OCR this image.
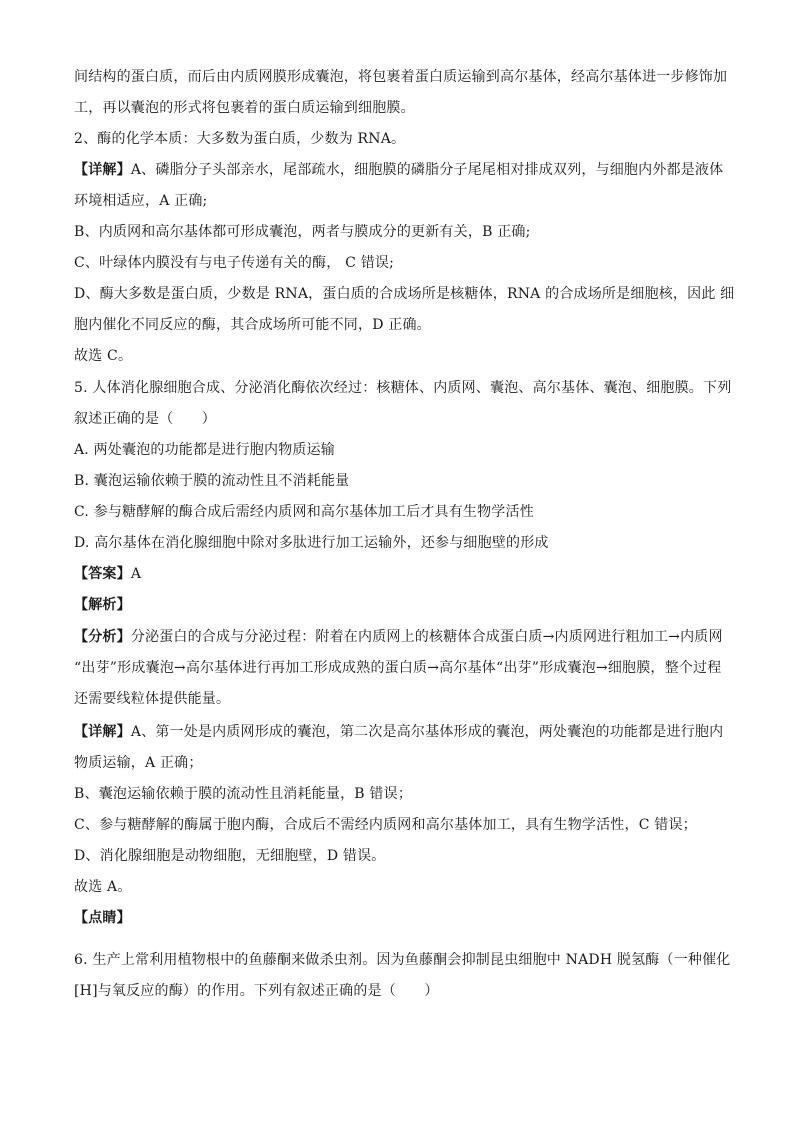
间结构的蛋白质，而后由内质网膜形成囊泡，将包裹着蛋白质运输到高尔基体，经高尔基体进一步修饰加
工，再以囊泡的形式将包裹着的蛋白质运输到细胞膜。
2、酶的化学本质：大多数为蛋白质，少数为 RNA。
【详解】A、磷脂分子头部亲水，尾部疏水，细胞膜的磷脂分子尾尾相对排成双列，与细胞内外都是液体
环境相适应，A 正确;
B、内质网和高尔基体都可形成囊泡，两者与膜成分的更新有关，B 正确;
C、叶绿体内膜没有与电子传递有关的酶， C 错误;
D、酶大多数是蛋白质，少数是 RNA，蛋白质的合成场所是核糖体，RNA 的合成场所是细胞核，因此 细
胞内催化不同反应的酶，其合成场所可能不同，D 正确。
故选 C。
5. 人体消化腺细胞合成、分泌消化酶依次经过：核糖体、内质网、囊泡、高尔基体、囊泡、细胞膜。下列
叙述正确的是（　　）
A. 两处囊泡的功能都是进行胞内物质运输
B. 囊泡运输依赖于膜的流动性且不消耗能量
C. 参与糖酵解的酶合成后需经内质网和高尔基体加工后才具有生物学活性
D. 高尔基体在消化腺细胞中除对多肽进行加工运输外，还参与细胞壁的形成
【答案】A
【解析】
【分析】分泌蛋白的合成与分泌过程：附着在内质网上的核糖体合成蛋白质→内质网进行粗加工→内质网
“出芽”形成囊泡→高尔基体进行再加工形成成熟的蛋白质→高尔基体“出芽”形成囊泡→细胞膜，整个过程
还需要线粒体提供能量。
【详解】A、第一处是内质网形成的囊泡，第二次是高尔基体形成的囊泡，两处囊泡的功能都是进行胞内
物质运输，A 正确；
B、囊泡运输依赖于膜的流动性且消耗能量，B 错误；
C、参与糖酵解的酶属于胞内酶，合成后不需经内质网和高尔基体加工，具有生物学活性，C 错误；
D、消化腺细胞是动物细胞，无细胞壁，D 错误。
故选 A。
【点睛】
6. 生产上常利用植物根中的鱼藤酮来做杀虫剂。因为鱼藤酮会抑制昆虫细胞中 NADH 脱氢酶（一种催化
[H]与氧反应的酶）的作用。下列有叙述正确的是（　　）
